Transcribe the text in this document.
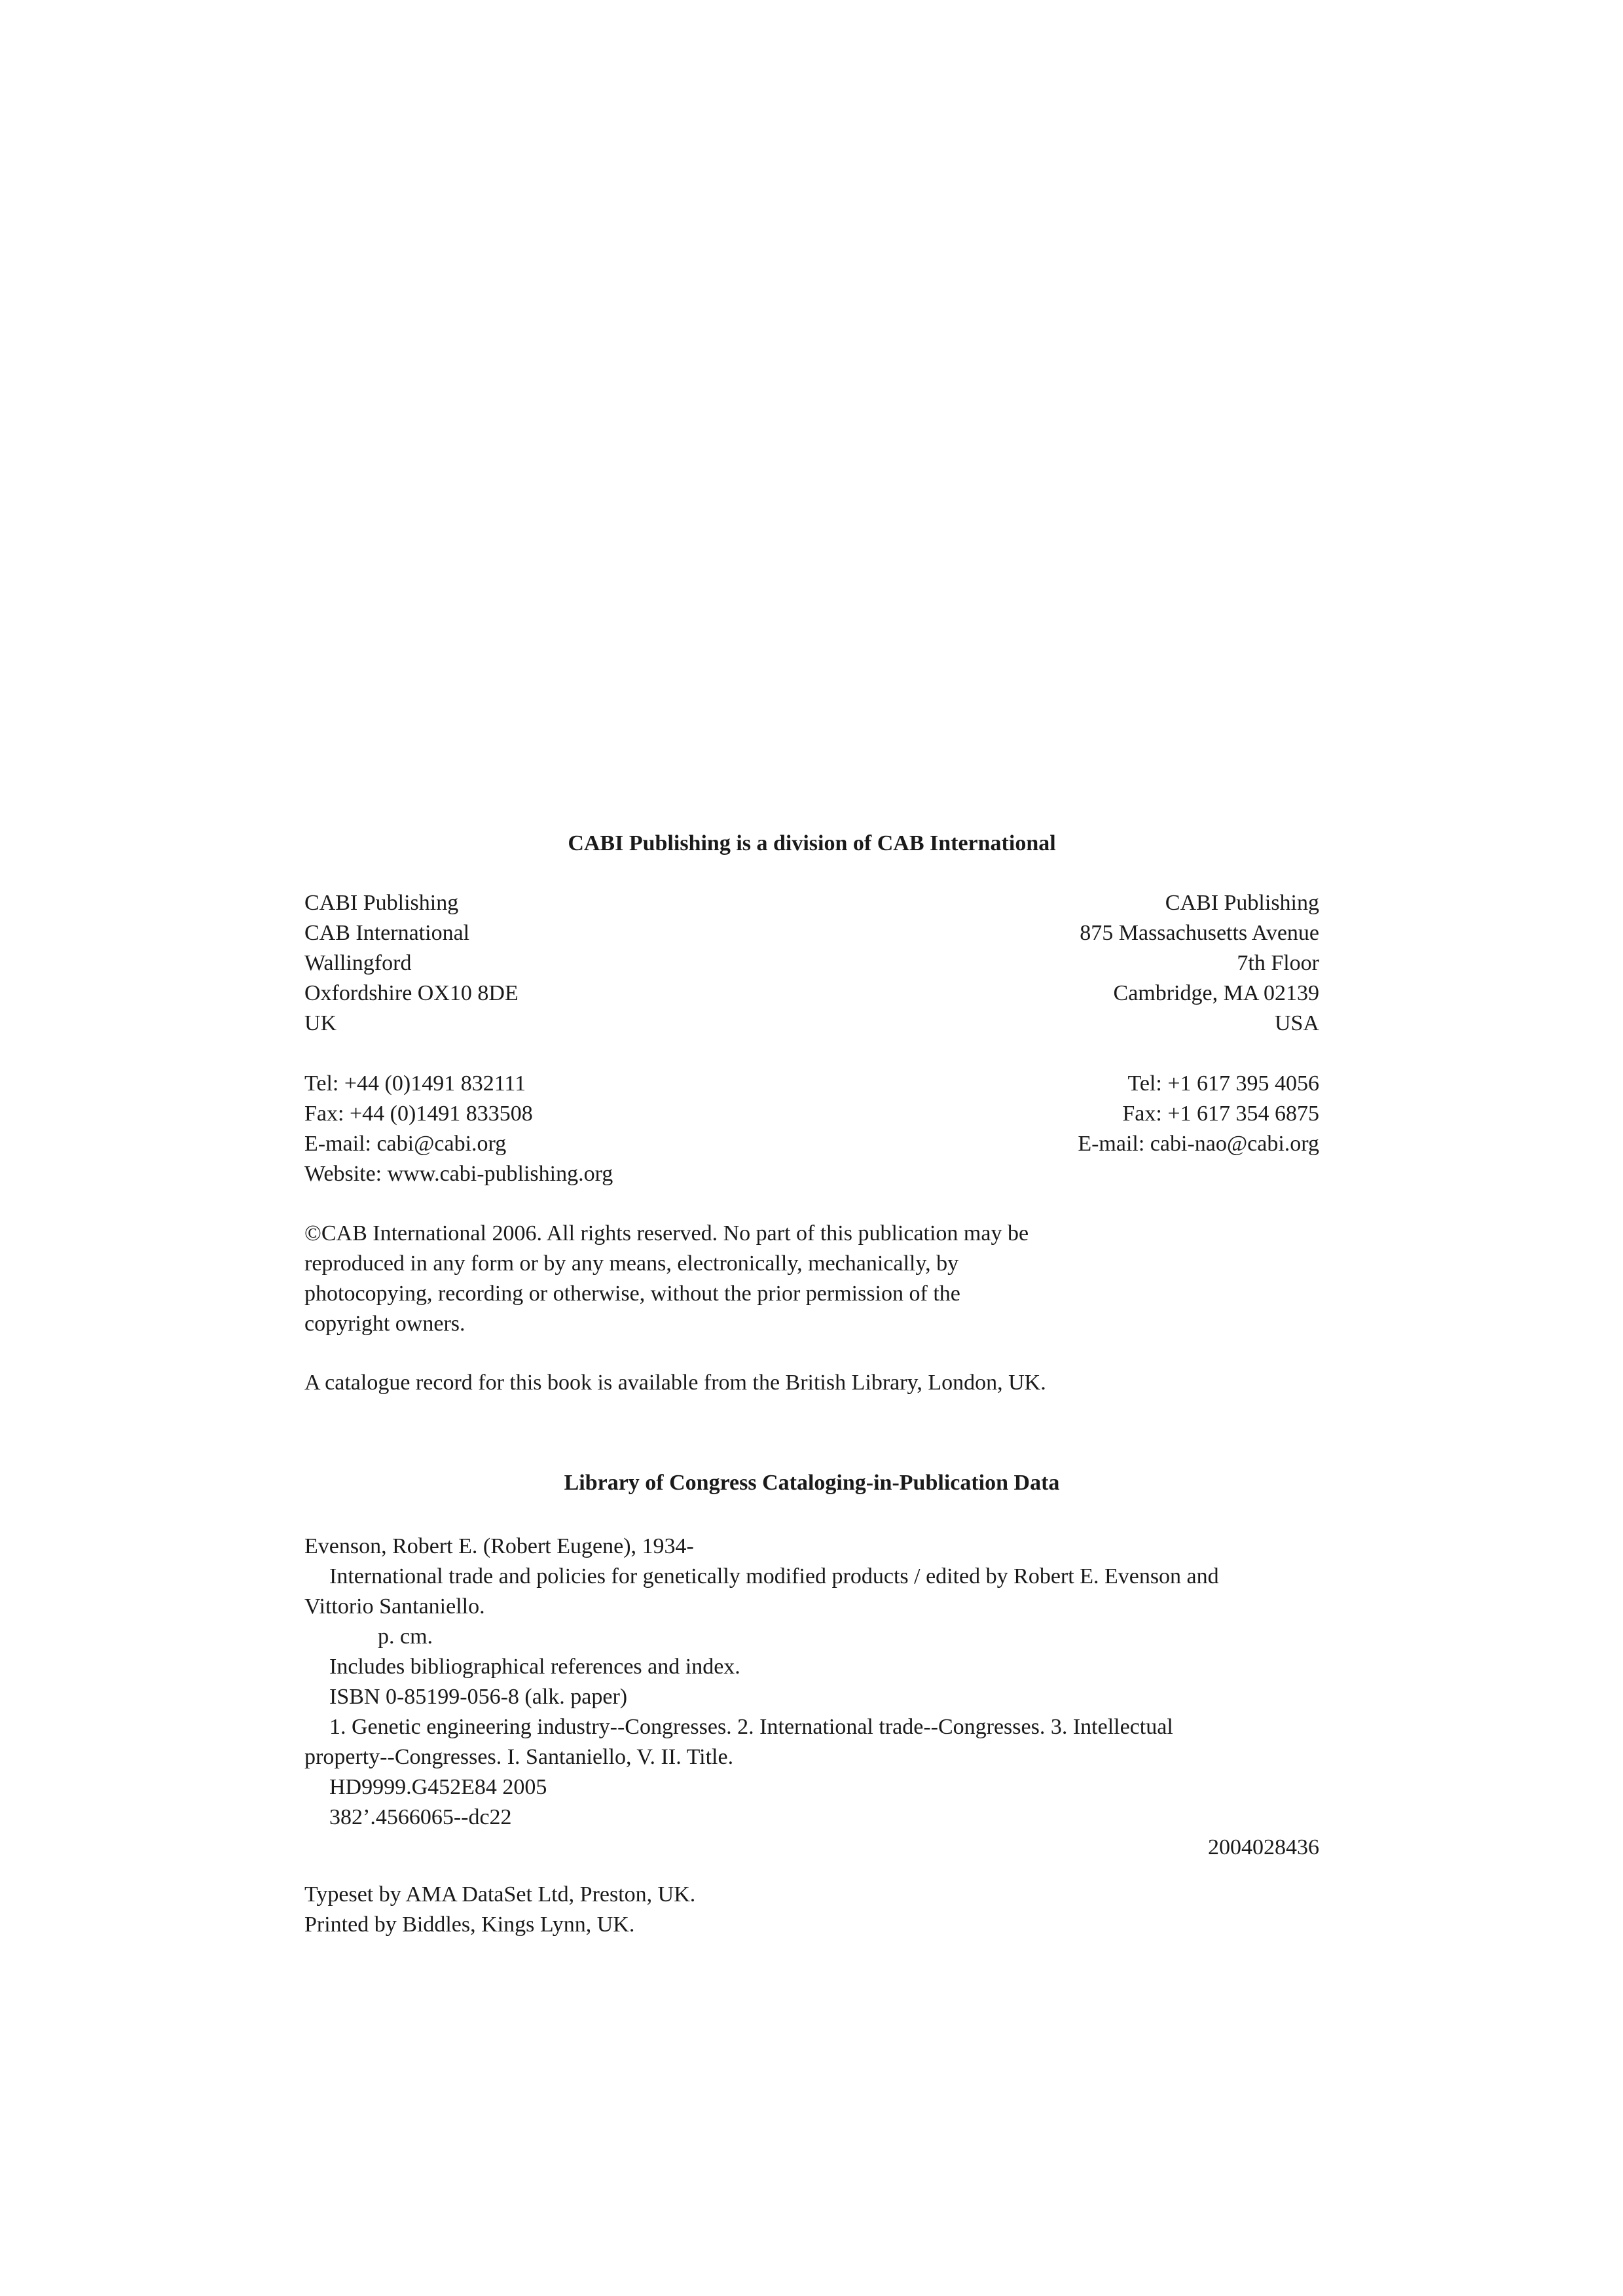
CABI Publishing is a division of CAB International
CABI Publishing
CAB International
Wallingford
Oxfordshire OX10 8DE
UK
Tel: +44 (0)1491 832111
Fax: +44 (0)1491 833508
E-mail: cabi@cabi.org
Website: www.cabi-publishing.org
CABI Publishing
875 Massachusetts Avenue
7th Floor
Cambridge, MA 02139
USA
Tel: +1 617 395 4056
Fax: +1 617 354 6875
E-mail: cabi-nao@cabi.org
©CAB International 2006. All rights reserved. No part of this publication may be
reproduced in any form or by any means, electronically, mechanically, by
photocopying, recording or otherwise, without the prior permission of the
copyright owners.
A catalogue record for this book is available from the British Library, London, UK.
Library of Congress Cataloging-in-Publication Data
Evenson, Robert E. (Robert Eugene), 1934-
International trade and policies for genetically modified products / edited by Robert E. Evenson and
Vittorio Santaniello.
p. cm.
Includes bibliographical references and index.
ISBN 0-85199-056-8 (alk. paper)
1. Genetic engineering industry--Congresses. 2. International trade--Congresses. 3. Intellectual
property--Congresses. I. Santaniello, V. II. Title.
HD9999.G452E84 2005
382’.4566065--dc22
2004028436
Typeset by AMA DataSet Ltd, Preston, UK.
Printed by Biddles, Kings Lynn, UK.
